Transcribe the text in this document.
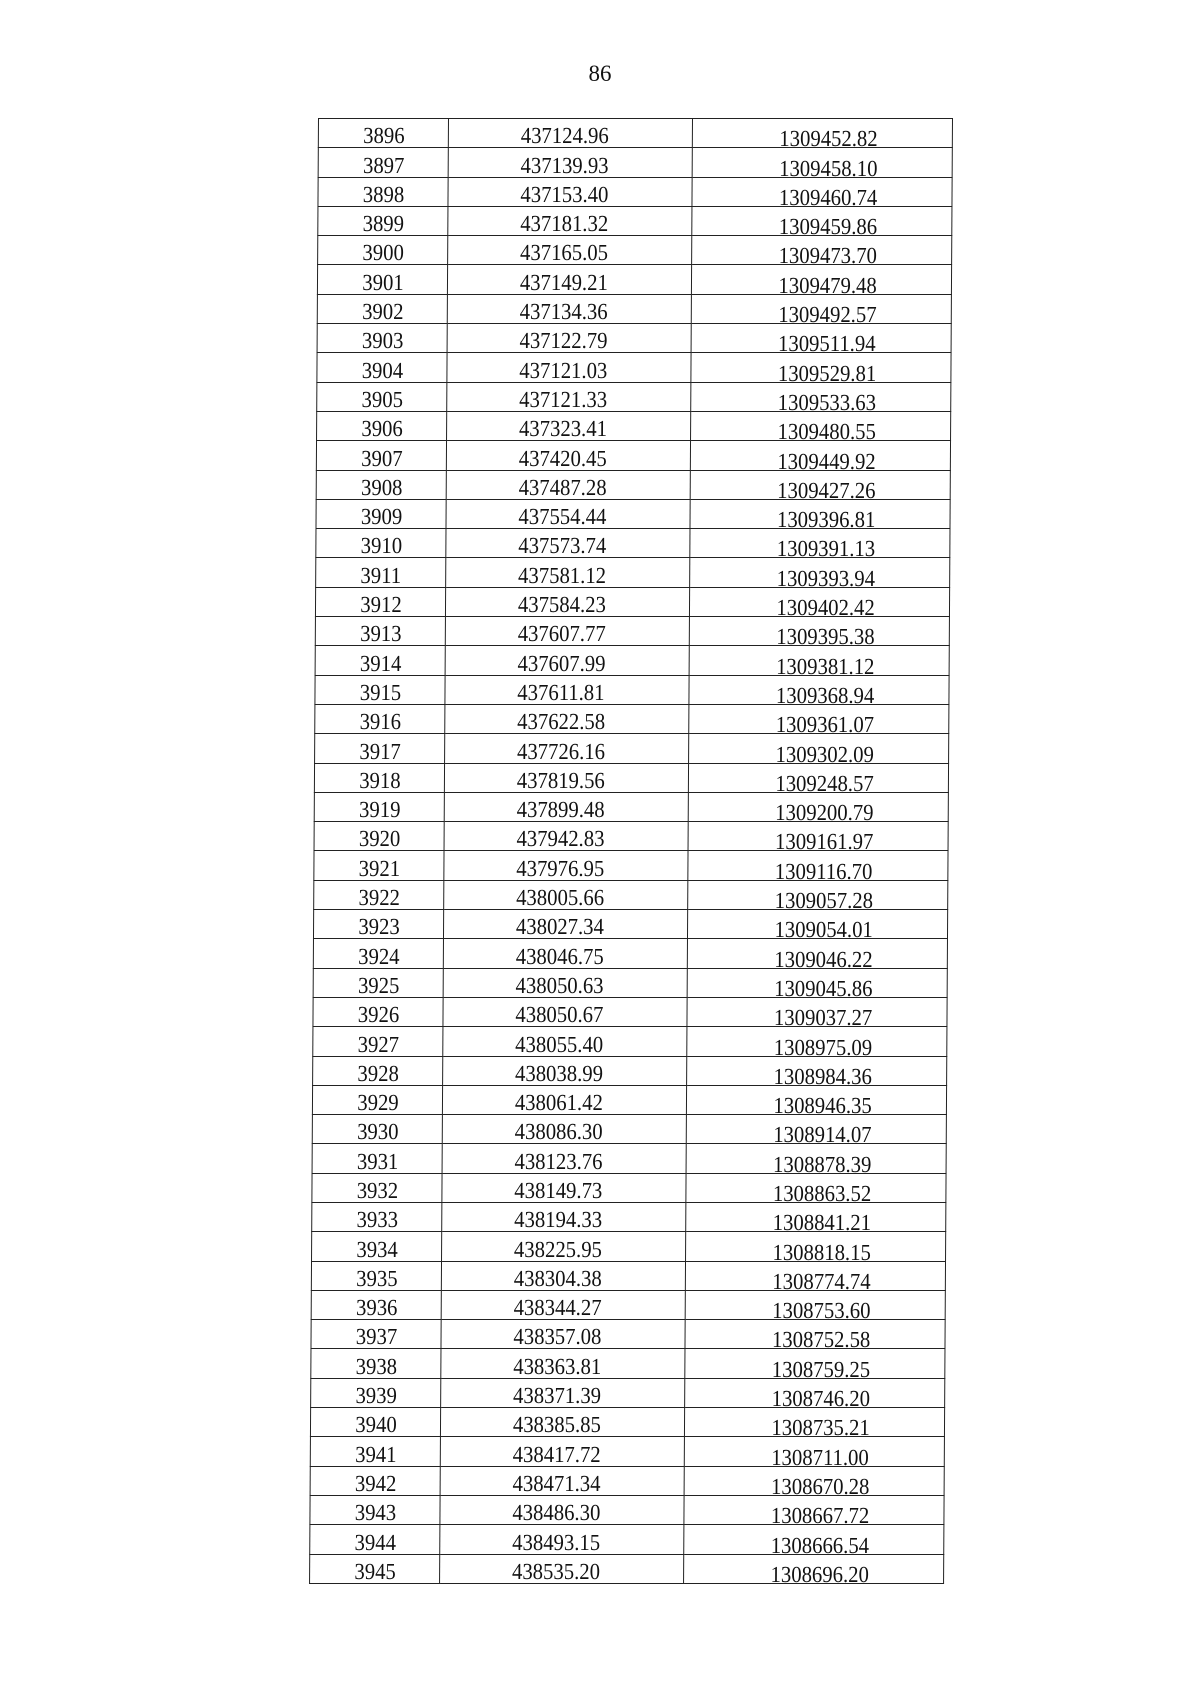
86
3896	437124.96	1309452.82
3897	437139.93	1309458.10
3898	437153.40	1309460.74
3899	437181.32	1309459.86
3900	437165.05	1309473.70
3901	437149.21	1309479.48
3902	437134.36	1309492.57
3903	437122.79	1309511.94
3904	437121.03	1309529.81
3905	437121.33	1309533.63
3906	437323.41	1309480.55
3907	437420.45	1309449.92
3908	437487.28	1309427.26
3909	437554.44	1309396.81
3910	437573.74	1309391.13
3911	437581.12	1309393.94
3912	437584.23	1309402.42
3913	437607.77	1309395.38
3914	437607.99	1309381.12
3915	437611.81	1309368.94
3916	437622.58	1309361.07
3917	437726.16	1309302.09
3918	437819.56	1309248.57
3919	437899.48	1309200.79
3920	437942.83	1309161.97
3921	437976.95	1309116.70
3922	438005.66	1309057.28
3923	438027.34	1309054.01
3924	438046.75	1309046.22
3925	438050.63	1309045.86
3926	438050.67	1309037.27
3927	438055.40	1308975.09
3928	438038.99	1308984.36
3929	438061.42	1308946.35
3930	438086.30	1308914.07
3931	438123.76	1308878.39
3932	438149.73	1308863.52
3933	438194.33	1308841.21
3934	438225.95	1308818.15
3935	438304.38	1308774.74
3936	438344.27	1308753.60
3937	438357.08	1308752.58
3938	438363.81	1308759.25
3939	438371.39	1308746.20
3940	438385.85	1308735.21
3941	438417.72	1308711.00
3942	438471.34	1308670.28
3943	438486.30	1308667.72
3944	438493.15	1308666.54
3945	438535.20	1308696.20
